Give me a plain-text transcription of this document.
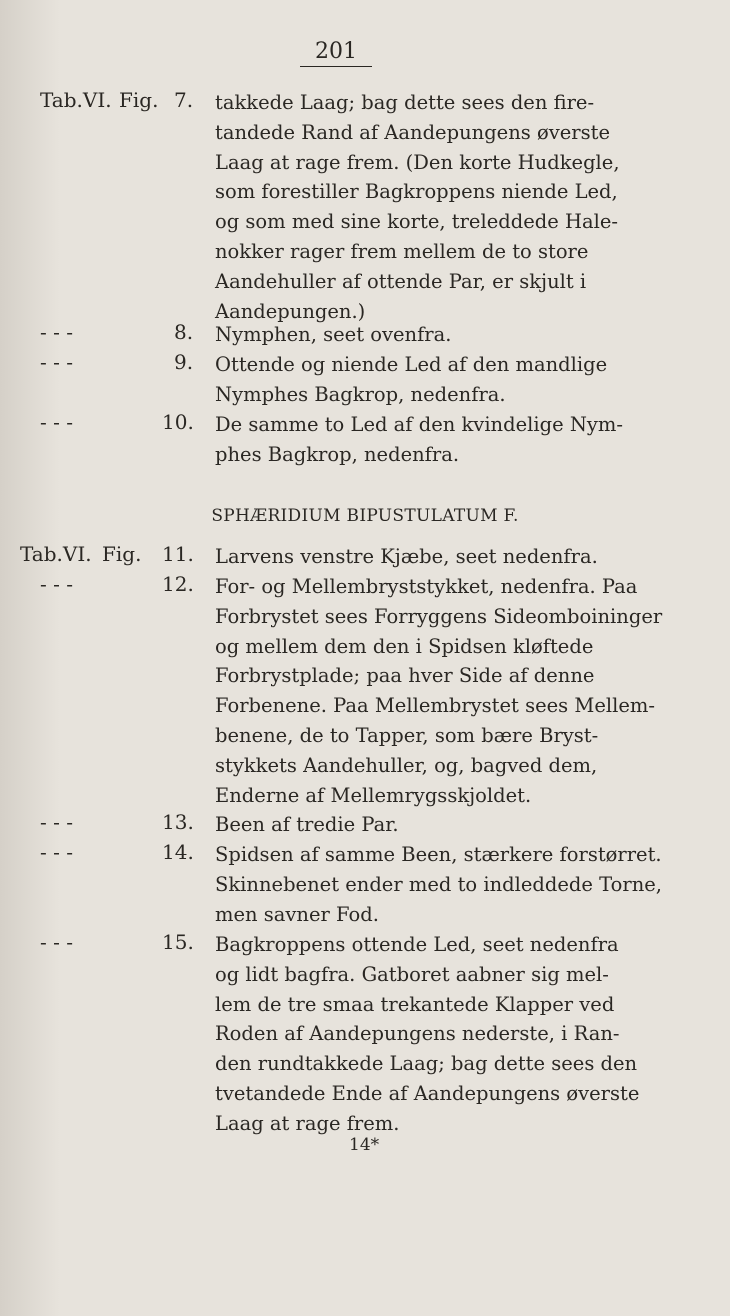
201
Tab.VI. Fig. 7. takkede Laag; bag dette sees den fire-
tandede Rand af Aandepungens øverste
Laag at rage frem. (Den korte Hudkegle,
som forestiller Bagkroppens niende Led,
og som med sine korte, treleddede Hale-
nokker rager frem mellem de to store
Aandehuller af ottende Par, er skjult i
Aandepungen.)
- - -	8. Nymphen, seet ovenfra.
- - -	9. Ottende og niende Led af den mandlige
Nymphes Bagkrop, nedenfra.
- - -	10. De samme to Led af den kvindelige Nym-
phes Bagkrop, nedenfra.
SPHÆRIDIUM BIPUSTULATUM F.
Tab.VI. Fig. 11. Larvens venstre Kjæbe, seet nedenfra.
- - -	12. For- og Mellembryststykket, nedenfra. Paa
Forbrystet sees Forryggens Sideomboininger
og mellem dem den i Spidsen kløftede
Forbrystplade; paa hver Side af denne
Forbenene. Paa Mellembrystet sees Mellem-
benene, de to Tapper, som bære Bryst-
stykkets Aandehuller, og, bagved dem,
Enderne af Mellemrygsskjoldet.
- - -	13. Been af tredie Par.
- - -	14. Spidsen af samme Been, stærkere forstørret.
Skinnebenet ender med to indleddede Torne,
men savner Fod.
- - -	15. Bagkroppens ottende Led, seet nedenfra
og lidt bagfra. Gatboret aabner sig mel-
lem de tre smaa trekantede Klapper ved
Roden af Aandepungens nederste, i Ran-
den rundtakkede Laag; bag dette sees den
tvetandede Ende af Aandepungens øverste
Laag at rage frem.
14*
